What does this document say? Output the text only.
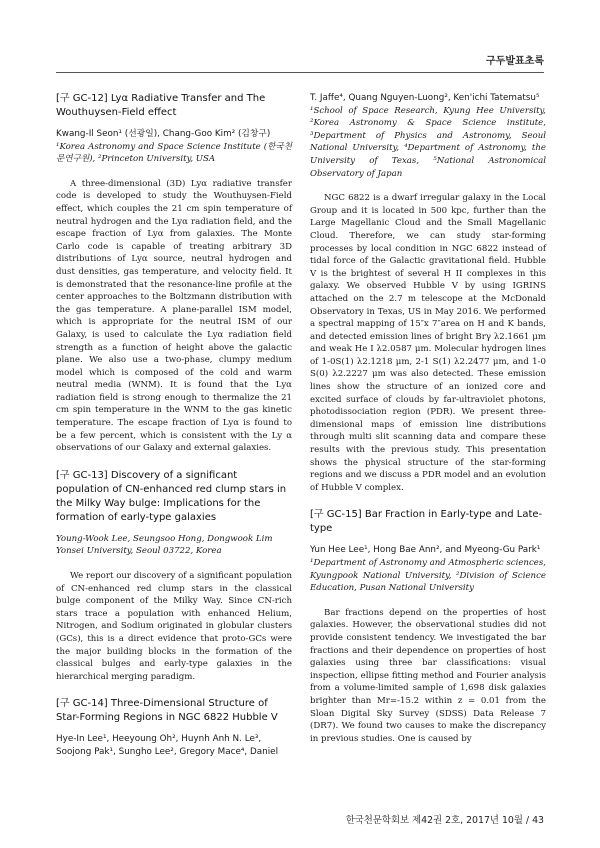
구두발표초록

[구 GC-12] Lyα Radiative Transfer and The Wouthuysen-Field effect

Kwang-Il Seon¹ (선광일), Chang-Goo Kim² (김창구)

¹Korea Astronomy and Space Science Institute (한국천문연구원), ²Princeton University, USA

A three-dimensional (3D) Lyα radiative transfer code is developed to study the Wouthuysen-Field effect, which couples the 21 cm spin temperature of neutral hydrogen and the Lyα radiation field, and the escape fraction of Lyα from galaxies. The Monte Carlo code is capable of treating arbitrary 3D distributions of Lyα source, neutral hydrogen and dust densities, gas temperature, and velocity field. It is demonstrated that the resonance-line profile at the center approaches to the Boltzmann distribution with the gas temperature. A plane-parallel ISM model, which is appropriate for the neutral ISM of our Galaxy, is used to calculate the Lyα radiation field strength as a function of height above the galactic plane. We also use a two-phase, clumpy medium model which is composed of the cold and warm neutral media (WNM). It is found that the Lyα radiation field is strong enough to thermalize the 21 cm spin temperature in the WNM to the gas kinetic temperature. The escape fraction of Lyα is found to be a few percent, which is consistent with the Ly α observations of our Galaxy and external galaxies.

[구 GC-13] Discovery of a significant population of CN-enhanced red clump stars in the Milky Way bulge: Implications for the formation of early-type galaxies

Young-Wook Lee, Seungsoo Hong, Dongwook Lim

Yonsei University, Seoul 03722, Korea

We report our discovery of a significant population of CN-enhanced red clump stars in the classical bulge component of the Milky Way. Since CN-rich stars trace a population with enhanced Helium, Nitrogen, and Sodium originated in globular clusters (GCs), this is a direct evidence that proto-GCs were the major building blocks in the formation of the classical bulges and early-type galaxies in the hierarchical merging paradigm.

[구 GC-14] Three-Dimensional Structure of Star-Forming Regions in NGC 6822 Hubble V

Hye-In Lee¹, Heeyoung Oh², Huynh Anh N. Le³, Soojong Pak¹, Sungho Lee², Gregory Mace⁴, Daniel

T. Jaffe⁴, Quang Nguyen-Luong², Ken'ichi Tatematsu⁵

¹School of Space Research, Kyung Hee University, ²Korea Astronomy & Space Science institute, ³Department of Physics and Astronomy, Seoul National University, ⁴Department of Astronomy, the University of Texas, ⁵National Astronomical Observatory of Japan

NGC 6822 is a dwarf irregular galaxy in the Local Group and it is located in 500 kpc, further than the Large Magellanic Cloud and the Small Magellanic Cloud. Therefore, we can study star-forming processes by local condition in NGC 6822 instead of tidal force of the Galactic gravitational field. Hubble V is the brightest of several H II complexes in this galaxy. We observed Hubble V by using IGRINS attached on the 2.7 m telescope at the McDonald Observatory in Texas, US in May 2016. We performed a spectral mapping of 15″x 7″area on H and K bands, and detected emission lines of bright Brγ λ2.1661 μm and weak He I λ2.0587 μm. Molecular hydrogen lines of 1-0S(1) λ2.1218 μm, 2-1 S(1) λ2.2477 μm, and 1-0 S(0) λ2.2227 μm was also detected. These emission lines show the structure of an ionized core and excited surface of clouds by far-ultraviolet photons, photodissociation region (PDR). We present three-dimensional maps of emission line distributions through multi slit scanning data and compare these results with the previous study. This presentation shows the physical structure of the star-forming regions and we discuss a PDR model and an evolution of Hubble V complex.

[구 GC-15] Bar Fraction in Early-type and Late-type

Yun Hee Lee¹, Hong Bae Ann², and Myeong-Gu Park¹

¹Department of Astronomy and Atmospheric sciences, Kyungpook National University, ²Division of Science Education, Pusan National University

Bar fractions depend on the properties of host galaxies. However, the observational studies did not provide consistent tendency. We investigated the bar fractions and their dependence on properties of host galaxies using three bar classifications: visual inspection, ellipse fitting method and Fourier analysis from a volume-limited sample of 1,698 disk galaxies brighter than Mr=-15.2 within z = 0.01 from the Sloan Digital Sky Survey (SDSS) Data Release 7 (DR7). We found two causes to make the discrepancy in previous studies. One is caused by

한국천문학회보 제42권 2호, 2017년 10월 / 43
